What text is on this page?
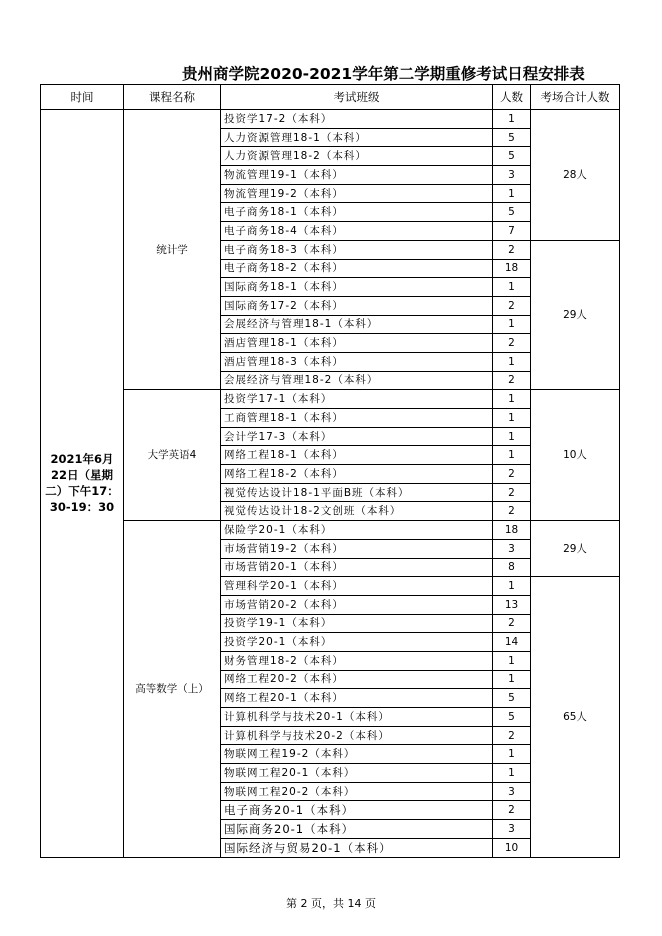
贵州商学院2020-2021学年第二学期重修考试日程安排表
时间	课程名称	考试班级	人数	考场合计人数
2021年6月22日（星期二）下午17：30-19：30	统计学	投资学17-2（本科）	1	28人
		人力资源管理18-1（本科）	5	
		人力资源管理18-2（本科）	5	
		物流管理19-1（本科）	3	
		物流管理19-2（本科）	1	
		电子商务18-1（本科）	5	
		电子商务18-4（本科）	7	
		电子商务18-3（本科）	2	29人
		电子商务18-2（本科）	18	
		国际商务18-1（本科）	1	
		国际商务17-2（本科）	2	
		会展经济与管理18-1（本科）	1	
		酒店管理18-1（本科）	2	
		酒店管理18-3（本科）	1	
		会展经济与管理18-2（本科）	2	
	大学英语4	投资学17-1（本科）	1	10人
		工商管理18-1（本科）	1	
		会计学17-3（本科）	1	
		网络工程18-1（本科）	1	
		网络工程18-2（本科）	2	
		视觉传达设计18-1平面B班（本科）	2	
		视觉传达设计18-2文创班（本科）	2	
	高等数学（上）	保险学20-1（本科）	18	29人
		市场营销19-2（本科）	3	
		市场营销20-1（本科）	8	
		管理科学20-1（本科）	1	65人
		市场营销20-2（本科）	13	
		投资学19-1（本科）	2	
		投资学20-1（本科）	14	
		财务管理18-2（本科）	1	
		网络工程20-2（本科）	1	
		网络工程20-1（本科）	5	
		计算机科学与技术20-1（本科）	5	
		计算机科学与技术20-2（本科）	2	
		物联网工程19-2（本科）	1	
		物联网工程20-1（本科）	1	
		物联网工程20-2（本科）	3	
		电子商务20-1（本科）	2	
		国际商务20-1（本科）	3	
		国际经济与贸易20-1（本科）	10	
第 2 页，共 14 页
